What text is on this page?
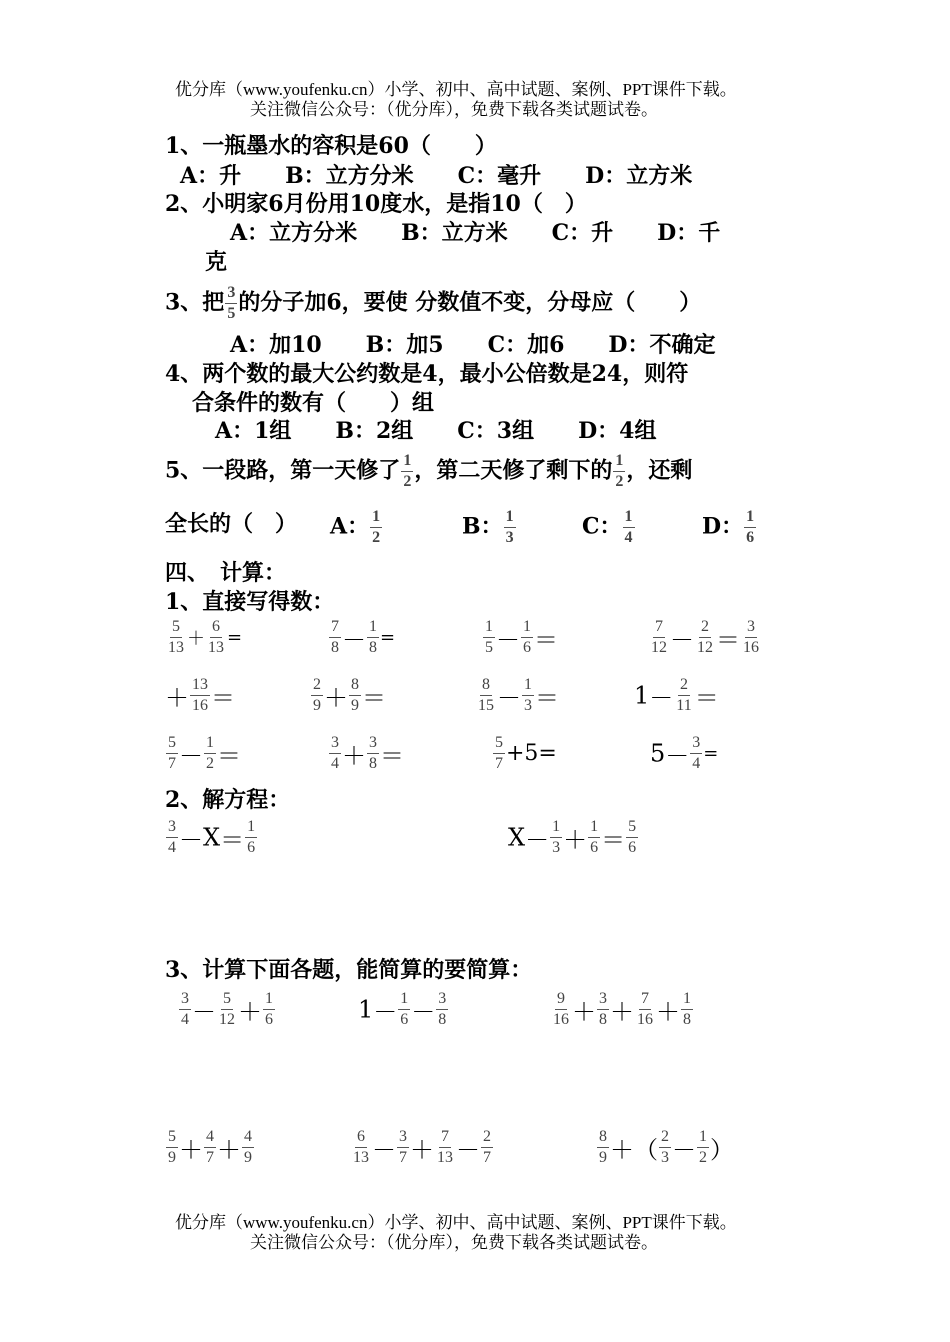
优分库（www.youfenku.cn）小学、初中、高中试题、案例、PPT课件下载。
关注微信公众号：（优分库），免费下载各类试题试卷。
1、一瓶墨水的容积是60（　　）
A：升　　B：立方分米　　C：毫升　　D：立方米
2、小明家6月份用10度水，是指10（　）
A：立方分米　　B：立方米　　C：升　　D：千
克
3、把 $\frac{3}{5}$ 的分子加6，要使 分数值不变，分母应（　　）
A：加10　　B：加5　　C：加6　　D：不确定
4、两个数的最大公约数是4，最小公倍数是24，则符
合条件的数有（　　）组
A：1组　　B：2组　　C：3组　　D：4组
5、一段路，第一天修了 $\frac{1}{2}$ ，第二天修了剩下的 $\frac{1}{2}$ ，还剩
全长的（　） A： $\frac{1}{2}$	B： $\frac{1}{3}$	C： $\frac{1}{4}$	D： $\frac{1}{6}$
四、　计算：
1、直接写得数：
$\frac{5}{13} + \frac{6}{13}$ =	$\frac{7}{8} - \frac{1}{8}$ =	$\frac{1}{5} - \frac{1}{6}$ ＝	$\frac{7}{12} - \frac{2}{12} = \frac{3}{16}$
＋ $\frac{13}{16}$ ＝	$\frac{2}{9} + \frac{8}{9}$ ＝	$\frac{8}{15} - \frac{1}{3}$ ＝	$1- \frac{2}{11}$ ＝
$\frac{5}{7} - \frac{1}{2}$ ＝	$\frac{3}{4} + \frac{3}{8}$ ＝	$\frac{5}{7} +5=$	$5- \frac{3}{4}$ =
2、解方程：
$\frac{3}{4} -X= \frac{1}{6}$	$X- \frac{1}{3} + \frac{1}{6} = \frac{5}{6}$
3、计算下面各题，能简算的要简算：
$\frac{3}{4} - \frac{5}{12} + \frac{1}{6}$	$1- \frac{1}{6} - \frac{3}{8}$	$\frac{9}{16} + \frac{3}{8} + \frac{7}{16} + \frac{1}{8}$
$\frac{5}{9} + \frac{4}{7} + \frac{4}{9}$	$\frac{6}{13} - \frac{3}{7} + \frac{7}{13} - \frac{2}{7}$	$\frac{8}{9}$ ＋（ $\frac{2}{3} - \frac{1}{2}$ ）
优分库（www.youfenku.cn）小学、初中、高中试题、案例、PPT课件下载。
关注微信公众号：（优分库），免费下载各类试题试卷。
